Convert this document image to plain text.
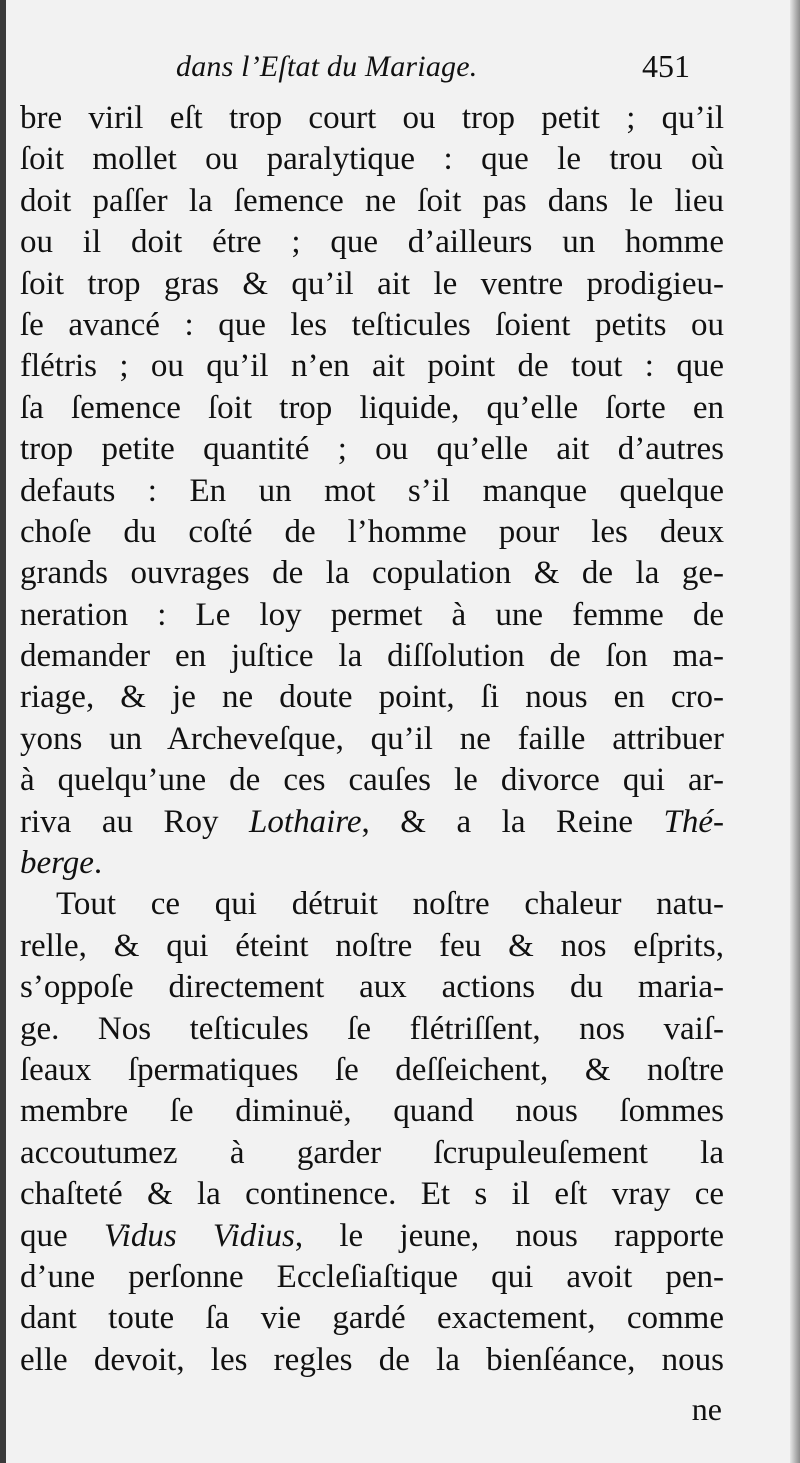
dans l’Eſtat du Mariage.	451
bre viril eſt trop court ou trop petit ; qu’il
ſoit mollet ou paralytique : que le trou où
doit paſſer la ſemence ne ſoit pas dans le lieu
ou il doit étre ; que d’ailleurs un homme
ſoit trop gras & qu’il ait le ventre prodigieu-
ſe avancé : que les teſticules ſoient petits ou
flétris ; ou qu’il n’en ait point de tout : que
ſa ſemence ſoit trop liquide, qu’elle ſorte en
trop petite quantité ; ou qu’elle ait d’autres
defauts : En un mot s’il manque quelque
choſe du coſté de l’homme pour les deux
grands ouvrages de la copulation & de la ge-
neration : Le loy permet à une femme de
demander en juſtice la diſſolution de ſon ma-
riage, & je ne doute point, ſi nous en cro-
yons un Archeveſque, qu’il ne faille attribuer
à quelqu’une de ces cauſes le divorce qui ar-
riva au Roy Lothaire, & a la Reine Thé-
berge.
Tout ce qui détruit noſtre chaleur natu-
relle, & qui éteint noſtre feu & nos eſprits,
s’oppoſe directement aux actions du maria-
ge. Nos teſticules ſe flétriſſent, nos vaiſ-
ſeaux ſpermatiques ſe deſſeichent, & noſtre
membre ſe diminuë, quand nous ſommes
accoutumez à garder ſcrupuleuſement la
chaſteté & la continence. Et s il eſt vray ce
que Vidus Vidius, le jeune, nous rapporte
d’une perſonne Eccleſiaſtique qui avoit pen-
dant toute ſa vie gardé exactement, comme
elle devoit, les regles de la bienſéance, nous
ne
